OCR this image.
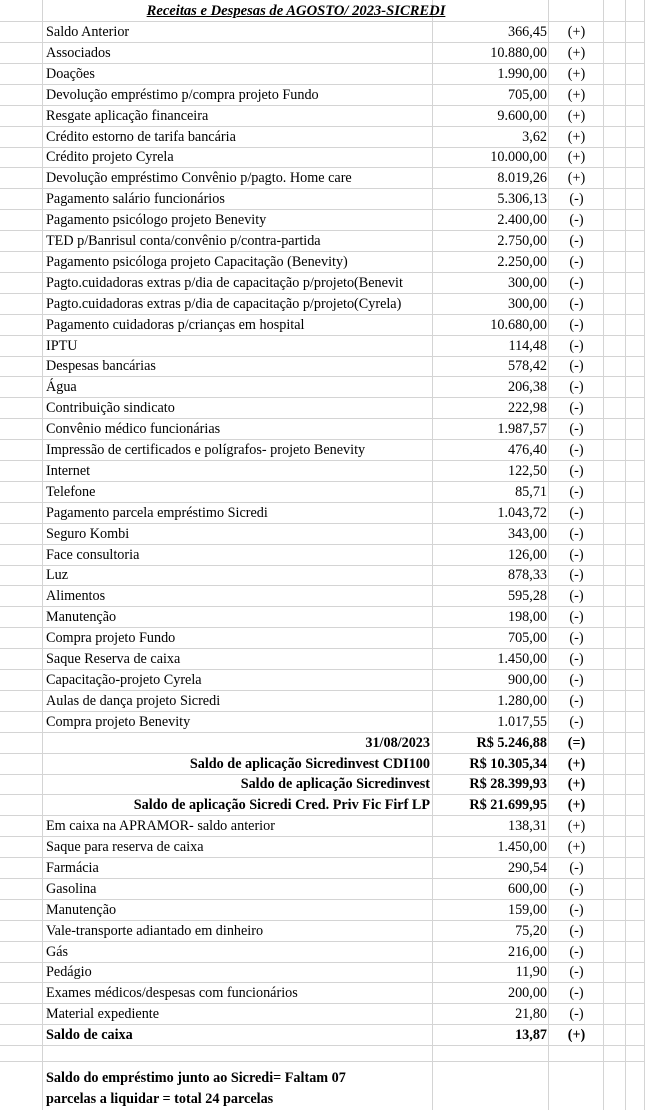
Receitas e Despesas de AGOSTO/ 2023-SICREDI
Saldo Anterior	366,45	(+)
Associados	10.880,00	(+)
Doações	1.990,00	(+)
Devolução empréstimo p/compra projeto Fundo	705,00	(+)
Resgate aplicação financeira	9.600,00	(+)
Crédito estorno de tarifa bancária	3,62	(+)
Crédito projeto Cyrela	10.000,00	(+)
Devolução empréstimo Convênio p/pagto. Home care	8.019,26	(+)
Pagamento salário funcionários	5.306,13	(-)
Pagamento psicólogo projeto Benevity	2.400,00	(-)
TED p/Banrisul conta/convênio p/contra-partida	2.750,00	(-)
Pagamento psicóloga projeto Capacitação (Benevity)	2.250,00	(-)
Pagto.cuidadoras extras p/dia de capacitação p/projeto(Benevit	300,00	(-)
Pagto.cuidadoras extras p/dia de capacitação p/projeto(Cyrela)	300,00	(-)
Pagamento cuidadoras p/crianças em hospital	10.680,00	(-)
IPTU	114,48	(-)
Despesas bancárias	578,42	(-)
Água	206,38	(-)
Contribuição sindicato	222,98	(-)
Convênio médico funcionárias	1.987,57	(-)
Impressão de certificados e polígrafos- projeto Benevity	476,40	(-)
Internet	122,50	(-)
Telefone	85,71	(-)
Pagamento parcela empréstimo Sicredi	1.043,72	(-)
Seguro Kombi	343,00	(-)
Face consultoria	126,00	(-)
Luz	878,33	(-)
Alimentos	595,28	(-)
Manutenção	198,00	(-)
Compra projeto Fundo	705,00	(-)
Saque Reserva de caixa	1.450,00	(-)
Capacitação-projeto Cyrela	900,00	(-)
Aulas de dança projeto Sicredi	1.280,00	(-)
Compra projeto Benevity	1.017,55	(-)
31/08/2023	R$ 5.246,88	(=)
Saldo de aplicação Sicredinvest CDI100	R$ 10.305,34	(+)
Saldo de aplicação Sicredinvest	R$ 28.399,93	(+)
Saldo de aplicação Sicredi Cred. Priv Fic Firf LP	R$ 21.699,95	(+)
Em caixa na APRAMOR- saldo anterior	138,31	(+)
Saque para reserva de caixa	1.450,00	(+)
Farmácia	290,54	(-)
Gasolina	600,00	(-)
Manutenção	159,00	(-)
Vale-transporte adiantado em dinheiro	75,20	(-)
Gás	216,00	(-)
Pedágio	11,90	(-)
Exames médicos/despesas com funcionários	200,00	(-)
Material expediente	21,80	(-)
Saldo de caixa	13,87	(+)
Saldo do empréstimo junto ao Sicredi= Faltam 07
parcelas a liquidar = total 24 parcelas
